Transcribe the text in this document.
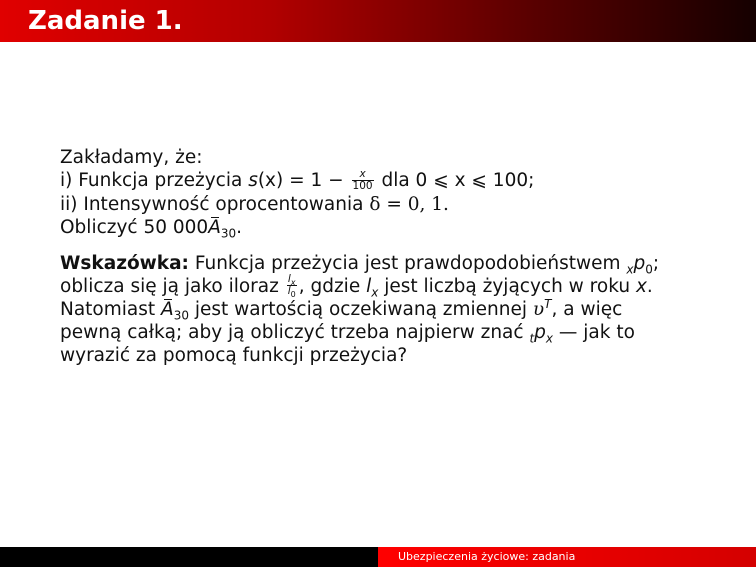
Zadanie 1.
Zakładamy, że:
i) Funkcja przeżycia $s(x) = 1 - \frac{x}{100}$ dla 0 ⩽ x ⩽ 100;
ii) Intensywność oprocentowania δ = 0, 1.
Obliczyć 50 $000A_{30}$.
Wskazówka: Funkcja przeżycia jest prawdopodobieństwem $_xp_0$;
oblicza się ją jako iloraz $\frac{l_x}{l_0}$ , gdzie $l_x$ jest liczbą żyjących w roku x.
Natomiast $A_{30}$ jest wartością oczekiwaną zmiennej $\upsilon^T$, a więc
pewną całką; aby ją obliczyć trzeba najpierw znać $_tp_x$ — jak to
wyrazić za pomocą funkcji przeżycia?
Ubezpieczenia życiowe: zadania
